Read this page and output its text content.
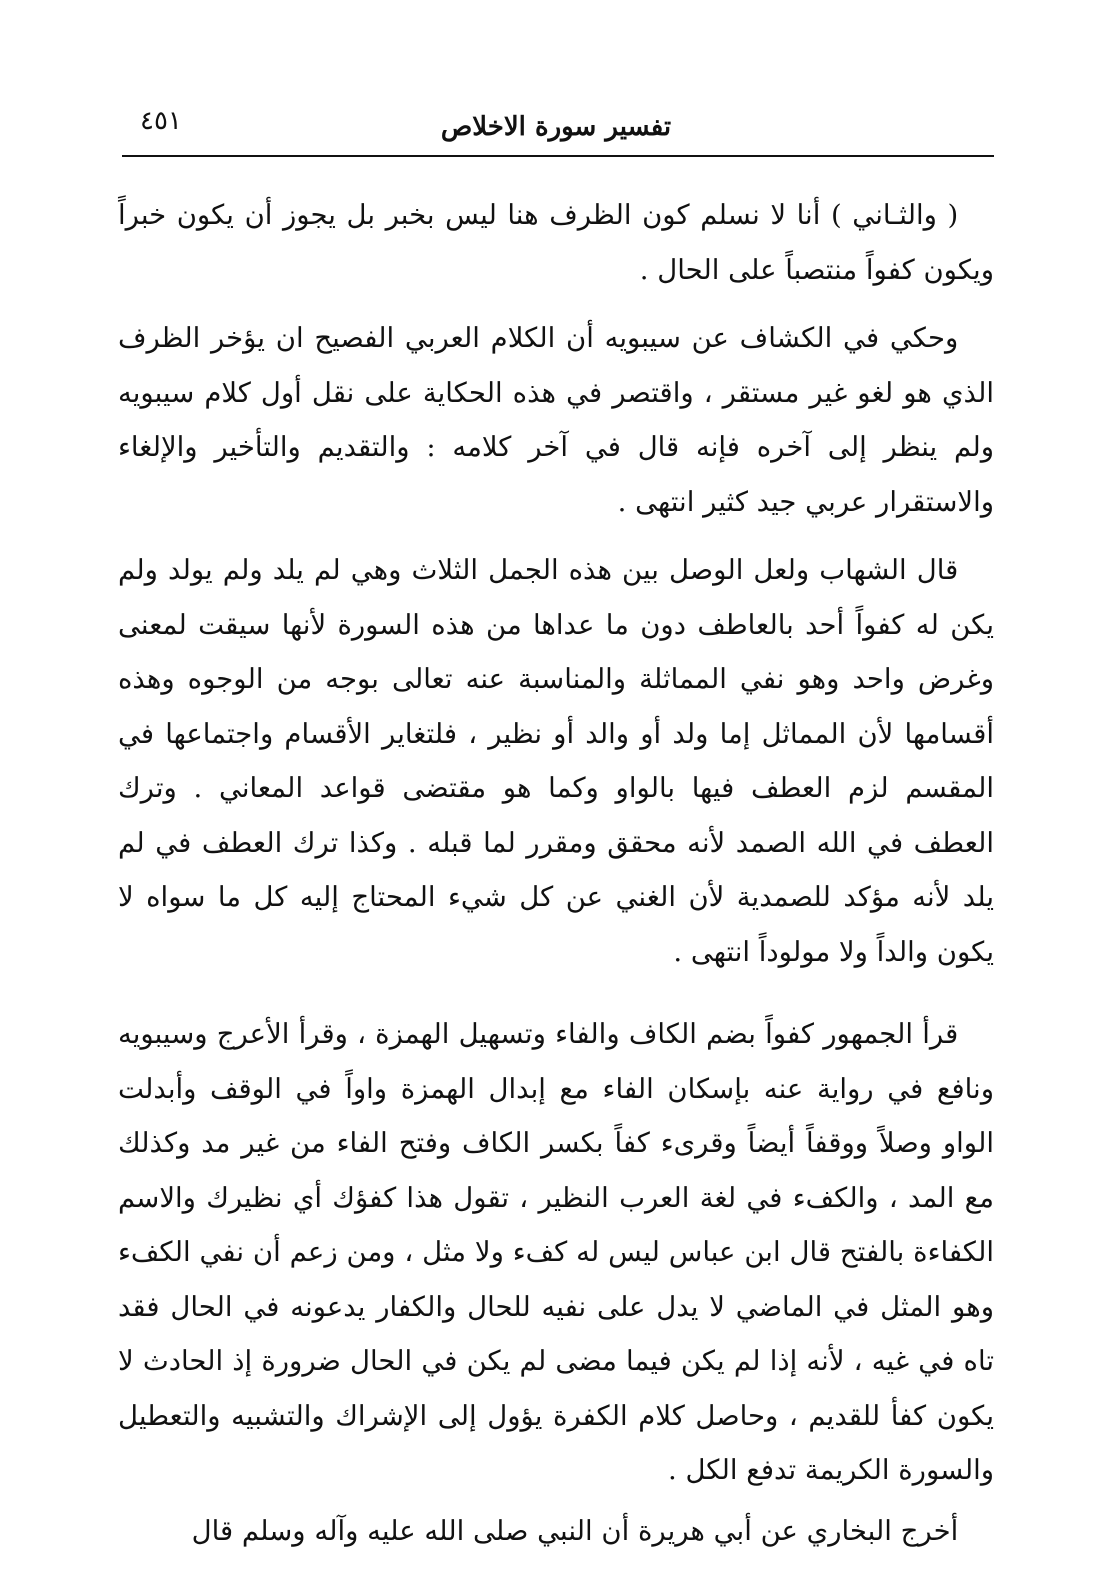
٤٥١	تفسير سورة الاخلاص

( والثـاني ) أنا لا نسلم كون الظرف هنا ليس بخبر بل يجوز أن يكون خبراً ويكون كفواً منتصباً على الحال .

وحكي في الكشاف عن سيبويه أن الكلام العربي الفصيح ان يؤخر الظرف الذي هو لغو غير مستقر ، واقتصر في هذه الحكاية على نقل أول كلام سيبويه ولم ينظر إلى آخره فإنه قال في آخر كلامه : والتقديم والتأخير والإلغاء والاستقرار عربي جيد كثير انتهى .

قال الشهاب ولعل الوصل بين هذه الجمل الثلاث وهي لم يلد ولم يولد ولم يكن له كفواً أحد بالعاطف دون ما عداها من هذه السورة لأنها سيقت لمعنى وغرض واحد وهو نفي المماثلة والمناسبة عنه تعالى بوجه من الوجوه وهذه أقسامها لأن المماثل إما ولد أو والد أو نظير ، فلتغاير الأقسام واجتماعها في المقسم لزم العطف فيها بالواو وكما هو مقتضى قواعد المعاني . وترك العطف في الله الصمد لأنه محقق ومقرر لما قبله . وكذا ترك العطف في لم يلد لأنه مؤكد للصمدية لأن الغني عن كل شيء المحتاج إليه كل ما سواه لا يكون والداً ولا مولوداً انتهى .

قرأ الجمهور كفواً بضم الكاف والفاء وتسهيل الهمزة ، وقرأ الأعرج وسيبويه ونافع في رواية عنه بإسكان الفاء مع إبدال الهمزة واواً في الوقف وأبدلت الواو وصلاً ووقفاً أيضاً وقرىء كفاً بكسر الكاف وفتح الفاء من غير مد وكذلك مع المد ، والكفء في لغة العرب النظير ، تقول هذا كفؤك أي نظيرك والاسم الكفاءة بالفتح قال ابن عباس ليس له كفء ولا مثل ، ومن زعم أن نفي الكفء وهو المثل في الماضي لا يدل على نفيه للحال والكفار يدعونه في الحال فقد تاه في غيه ، لأنه إذا لم يكن فيما مضى لم يكن في الحال ضرورة إذ الحادث لا يكون كفأ للقديم ، وحاصل كلام الكفرة يؤول إلى الإشراك والتشبيه والتعطيل والسورة الكريمة تدفع الكل .

أخرج البخاري عن أبي هريرة أن النبي صلى الله عليه وآله وسلم قال
